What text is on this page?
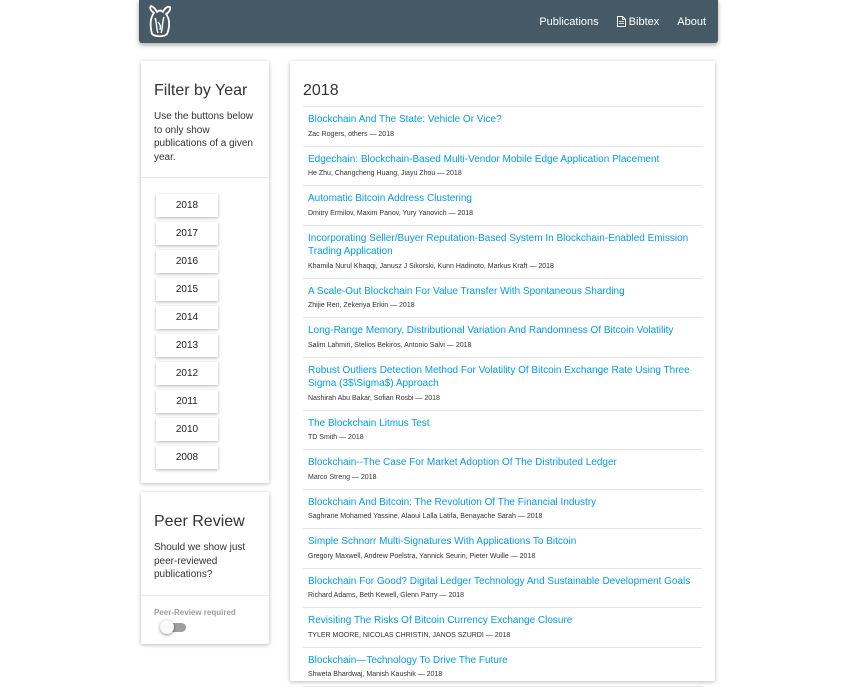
Publications	Bibtex About
Filter by Year

Use the buttons below to only show publications of a given year.

2018
2017
2016
2015
2014
2013
2012
2011
2010
2008
Peer Review

Should we show just peer-reviewed publications?

Peer-Review required
2018
Blockchain And The State: Vehicle Or Vice?
Zac Rogers, others — 2018
Edgechain: Blockchain-Based Multi-Vendor Mobile Edge Application Placement
He Zhu, Changcheng Huang, Jiayu Zhou — 2018
Automatic Bitcoin Address Clustering
Dmitry Ermilov, Maxim Panov, Yury Yanovich — 2018
Incorporating Seller/Buyer Reputation-Based System In Blockchain-Enabled Emission Trading Application
Khamila Nurul Khaqqi, Janusz J Sikorski, Kunn Hadinoto, Markus Kraft — 2018
A Scale-Out Blockchain For Value Transfer With Spontaneous Sharding
Zhijie Ren, Zekeriya Erkin — 2018
Long-Range Memory, Distributional Variation And Randomness Of Bitcoin Volatility
Salim Lahmiri, Stelios Bekiros, Antonio Salvi — 2018
Robust Outliers Detection Method For Volatility Of Bitcoin Exchange Rate Using Three Sigma (3$\Sigma$) Approach
Nashirah Abu Bakar, Sofian Rosbi — 2018
The Blockchain Litmus Test
TD Smith — 2018
Blockchain--The Case For Market Adoption Of The Distributed Ledger
Marco Streng — 2018
Blockchain And Bitcoin: The Revolution Of The Financial Industry
Saghrane Mohamed Yassine, Alaoui Lalla Latifa, Benayache Sarah — 2018
Simple Schnorr Multi-Signatures With Applications To Bitcoin
Gregory Maxwell, Andrew Poelstra, Yannick Seurin, Pieter Wuille — 2018
Blockchain For Good? Digital Ledger Technology And Sustainable Development Goals
Richard Adams, Beth Kewell, Glenn Parry — 2018
Revisiting The Risks Of Bitcoin Currency Exchange Closure
TYLER MOORE, NICOLAS CHRISTIN, JANOS SZURDI — 2018
Blockchain—Technology To Drive The Future
Shweta Bhardwaj, Manish Kaushik — 2018
